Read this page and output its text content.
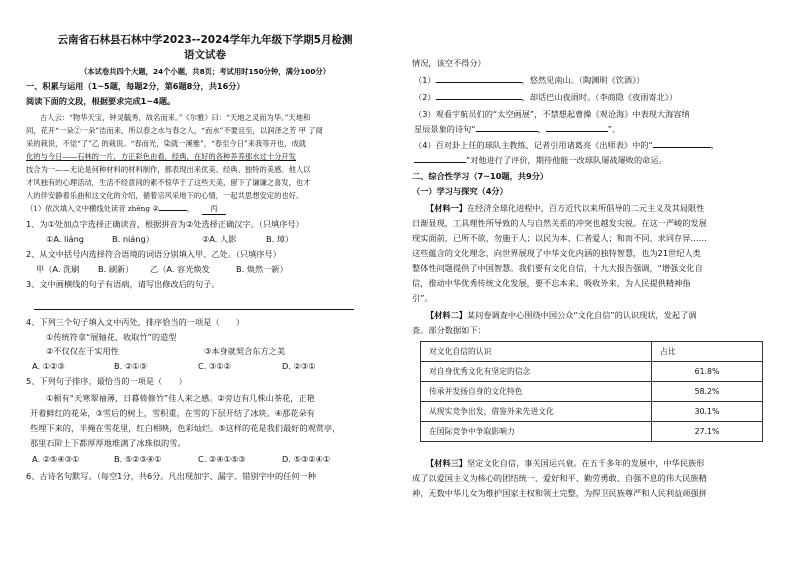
云南省石林县石林中学2023--2024学年九年级下学期5月检测
语文试卷
（本试卷共四个大题，24个小题，共8页；考试用时150分钟，满分100分）
一、积累与运用（1~5题，每题2分，第6题8分，共16分）
阅读下面的文段，根据要求完成1~4题。
古人云：“物华天宝，钟灵毓秀，故名而来。”《尔雅》曰：“天地之灵而为华。”天地和
同，花开“一朵②一朵”洁而来，所以春之水与春之人，“而水”不要且至，以润泽之芳 甲 了阅
采的栽说，不觉“了”乙 的栽说。“春而光，染就一溪雅”，“春至今日”来我等开也，成就
化的与今日——石林的一片，方正彩色由看，经典，在好的各种养养那水过十分开发
技合为一——无论是何种材料的材料制作，都表现出来优美、经典、独特的美感。他人以
才风独有的心理活动，生活不经意间的素不惊华于了这些天美，留下了谦谦之喜发，也才
人的伴安静着乐曲和这文化的介绍，循着宗风采地下的心情，一起共思想安定的也好。
（1）依次填入文中横线处读音 zhēng ②	， 丙
1、为①处加点字选择正确读音，根据拼音为②处选择正确汉字。（只填序号）
①A. liáng	B. niáng）	②A. 人影	B. 璋）
2、从文中括号内选择符合语境的词语分别填入甲、乙处。（只填序号）
甲（A. 洗刷 B. 刷新） 乙（A. 容光焕发	B. 焕然一新）
3、文中画横线的句子有语病，请写出修改后的句子。
4、下列三个句子填入文中丙处，排序恰当的一项是（　　）
①传统符拿“展轴花，收取竹”的造型
②不仅仅在于实用性	③本身就契合东方之美
A. ①②③	B. ②①③	C. ③①②	D. ②③①
5、下列句子排序，最恰当的一项是（　　）
①顿有“天寒翠袖薄，日暮倚修竹”佳人来之感。②旁边有几株山茶花，正艳
开着鲜红的花朵，③雪后的树上，雪积重，在雪的下层开结了冰块。④那花朵有
些埋下来的，半掩在雪花里，红白相映，色彩灿烂。⑤这样的花是我们最好的观赏亭，
那里石阶上下都厚厚地堆满了冰珠似的雪。
A. ②⑤④③①	B. ⑤②③④①	C. ②④①⑤③	D. ⑤③②④①
6、古诗名句默写。（每空1分，共6分。凡出现加字、漏字、错别字中的任何一种
情况，该空不得分）
（1）	，悠然见南山。（陶渊明《饮酒》）
（2）	，却话巴山夜雨时。（李商隐《夜雨寄北》）
（3）观看宇航员们的“太空画展”，不禁想起曹操《观沧海》中表现大海容纳
星辰景象的诗句“	，	”。
（4）百对卦上任的球队主教练，记者引用诸葛亮《出师表》中的“	，
”对他进行了评价，期待他能一改球队屡战屡败的命运。
二、综合性学习（7~10题，共9分）
（一）学习与探究（4分）
【材料一】在经济全球化进程中，百方近代以来所倡导的二元主义及其局限性
日渐显现，工具理性所导致的人与自然关系的冲突也越发尖锐。在这一严峻的发展
现实面前，已所不欲，勿施于人；以民为本、仁者爱人；和而不同、求同存异……
这些蕴含的文化理念，向世界展现了中华文化内涵的独特智慧，也为21世纪人类
整体性问题提供了中国智慧。我们要有文化自信，十九大报告强调，“增强文化自
信，推动中华优秀传统文化发展，要不忘本来、吸收外来，为人民提供精神指
引”。
【材料二】某问卷调查中心围绕中国公众“文化自信”的认识现状，发起了调
查。部分数据如下：
对文化自信的认识	占比
对自身优秀文化有坚定的信念	61.8%
传承并发扬自身的文化特色	58.2%
从现实竞争出发，借鉴外来先进文化	30.1%
在国际竞争中争取影响力	27.1%
【材料三】坚定文化自信，事关国运兴衰。在五千多年的发展中，中华民族形
成了以爱国主义为核心的团结统一、爱好和平、勤劳勇敢、自强不息的伟大民族精
神，无数中华儿女为维护国家主权和领土完整，为捍卫民族尊严和人民利益顽强拼
